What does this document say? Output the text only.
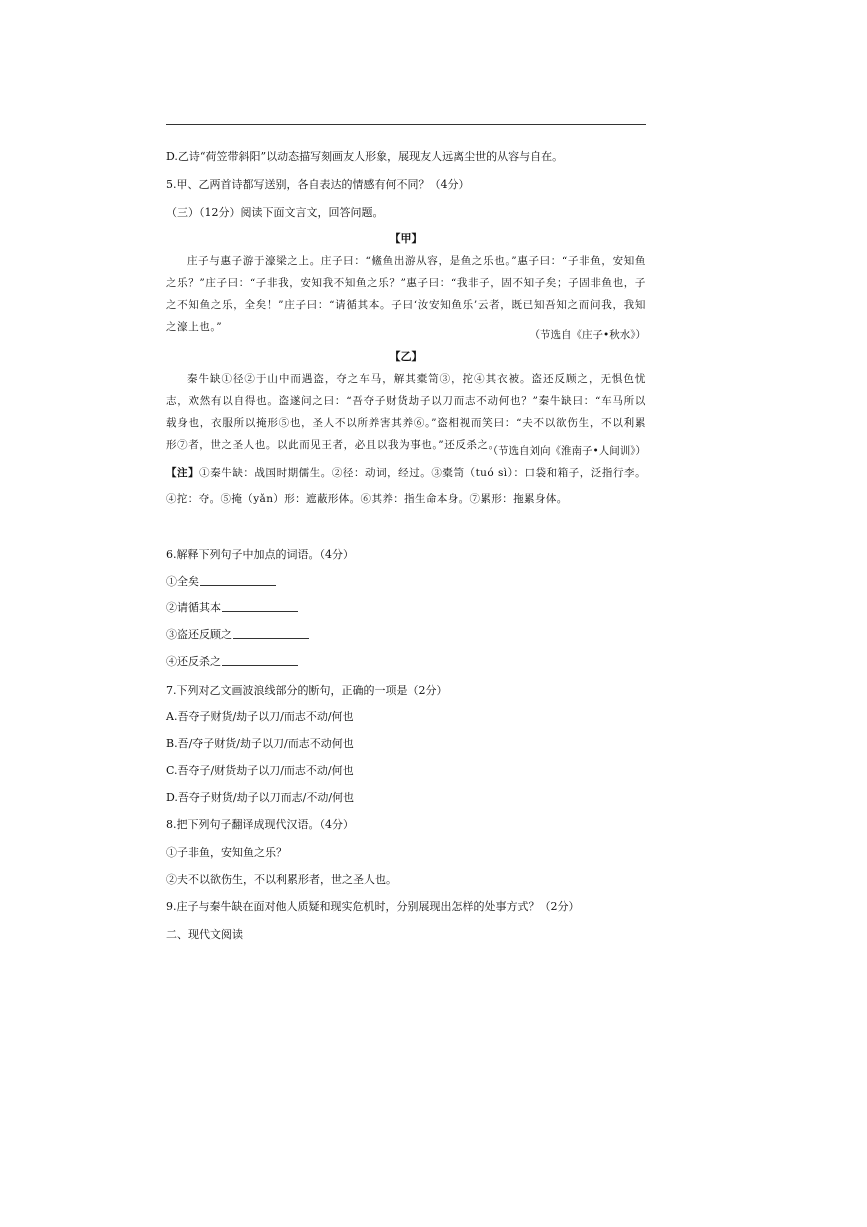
D.乙诗“荷笠带斜阳”以动态描写刻画友人形象，展现友人远离尘世的从容与自在。
5.甲、乙两首诗都写送别，各自表达的情感有何不同？（4分）
（三）（12分）阅读下面文言文，回答问题。
【甲】

庄子与惠子游于濠梁之上。庄子曰：“鯈鱼出游从容，是鱼之乐也。”惠子曰：“子非鱼，安知鱼之乐？”庄子曰：“子非我，安知我不知鱼之乐？”惠子曰：“我非子，固不知子矣；子固非鱼也，子之不知鱼之乐，全矣！”庄子曰：“请循其本。子曰‘汝安知鱼乐’云者，既已知吾知之而问我，我知之濠上也。”

（节选自《庄子•秋水》）
【乙】

秦牛缺①径②于山中而遇盗，夺之车马，解其橐笥③，拕④其衣被。盗还反顾之，无惧色忧志，欢然有以自得也。盗遂问之曰：“吾夺子财货劫子以刀而志不动何也？”秦牛缺曰：“车马所以载身也，衣服所以掩形⑤也，圣人不以所养害其养⑥。”盗相视而笑曰：“夫不以欲伤生，不以利累形⑦者，世之圣人也。以此而见王者，必且以我为事也。”还反杀之。

（节选自刘向《淮南子•人间训》）

【注】①秦牛缺：战国时期儒生。②径：动词，经过。③橐笥（tuó sì）：口袋和箱子，泛指行李。④拕：夺。⑤掩（yǎn）形：遮蔽形体。⑥其养：指生命本身。⑦累形：拖累身体。

6.解释下列句子中加点的词语。（4分）
①全矣
②请循其本
③盗还反顾之
④还反杀之
7.下列对乙文画波浪线部分的断句，正确的一项是（2分）
A.吾夺子财货/劫子以刀/而志不动/何也
B.吾/夺子财货/劫子以刀/而志不动何也
C.吾夺子/财货劫子以刀/而志不动/何也
D.吾夺子财货/劫子以刀而志/不动/何也
8.把下列句子翻译成现代汉语。（4分）
①子非鱼，安知鱼之乐？
②夫不以欲伤生，不以利累形者，世之圣人也。
9.庄子与秦牛缺在面对他人质疑和现实危机时，分别展现出怎样的处事方式？（2分）
二、现代文阅读
